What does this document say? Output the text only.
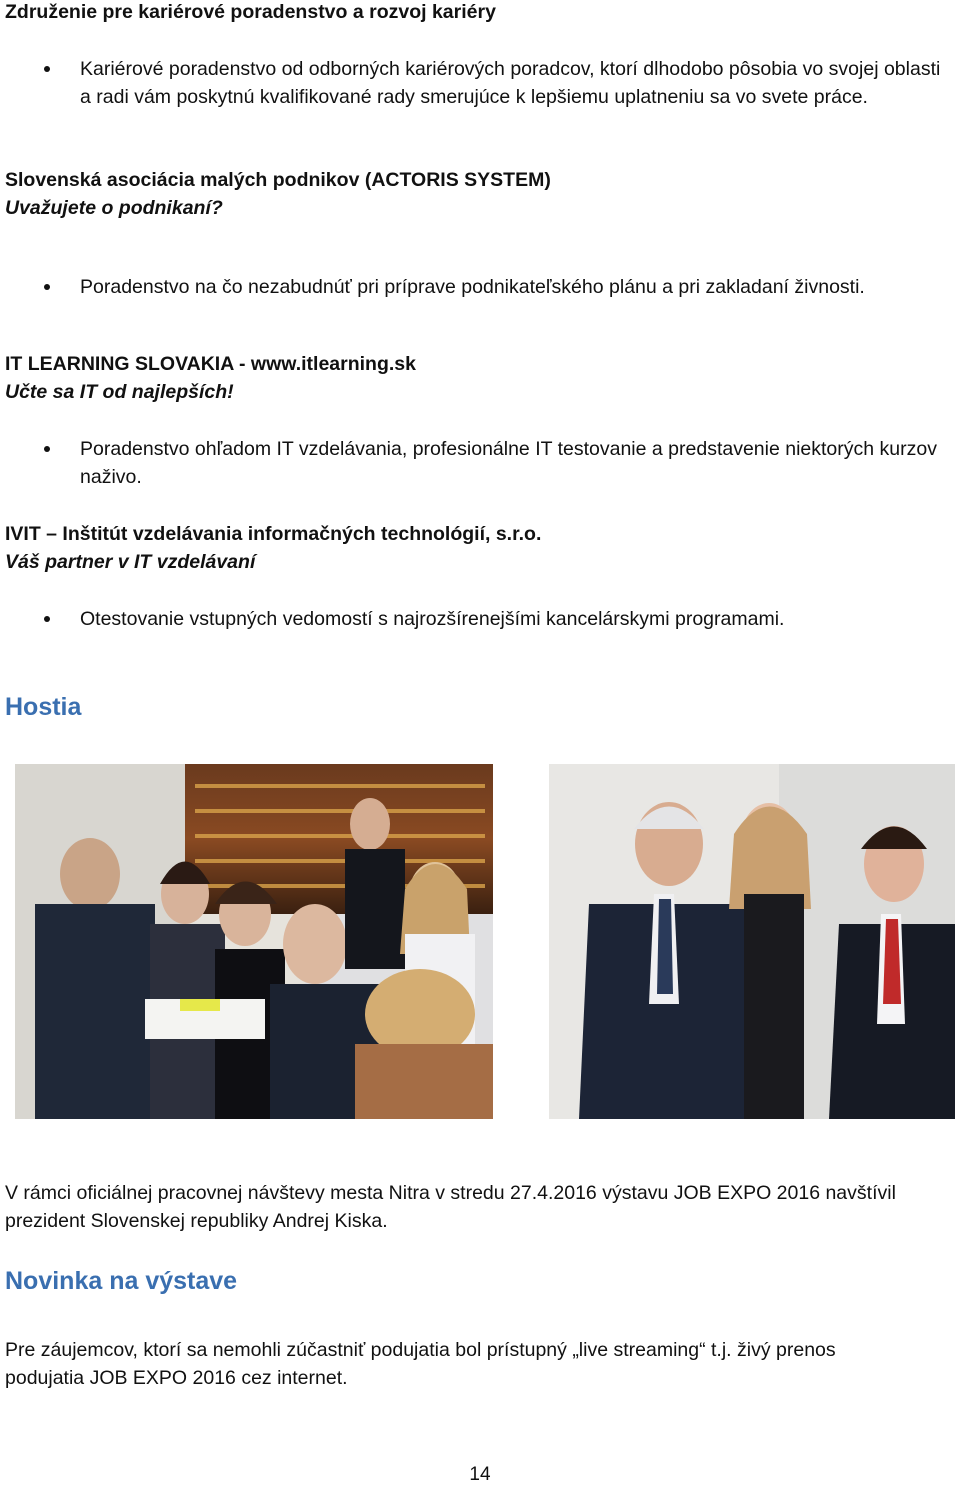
Združenie pre kariérové poradenstvo a rozvoj kariéry
Kariérové poradenstvo od odborných kariérových poradcov, ktorí dlhodobo pôsobia vo svojej oblasti a radi vám poskytnú kvalifikované rady smerujúce k lepšiemu uplatneniu sa vo svete práce.
Slovenská asociácia malých podnikov (ACTORIS SYSTEM)
Uvažujete o podnikaní?
Poradenstvo na čo nezabudnúť pri príprave podnikateľského plánu a pri zakladaní živnosti.
IT LEARNING SLOVAKIA - www.itlearning.sk
Učte sa IT od najlepších!
Poradenstvo ohľadom IT vzdelávania, profesionálne IT testovanie a predstavenie niektorých kurzov naživo.
IVIT – Inštitút vzdelávania informačných technológií, s.r.o.
Váš partner v IT vzdelávaní
Otestovanie vstupných vedomostí s najrozšírenejšími kancelárskymi programami.
Hostia
V rámci oficiálnej pracovnej návštevy mesta Nitra v stredu 27.4.2016 výstavu JOB EXPO 2016 navštívil
prezident Slovenskej republiky Andrej Kiska.
Novinka na výstave
Pre záujemcov, ktorí sa nemohli zúčastniť podujatia bol prístupný „live streaming“ t.j. živý prenos
podujatia JOB EXPO 2016 cez internet.
14
